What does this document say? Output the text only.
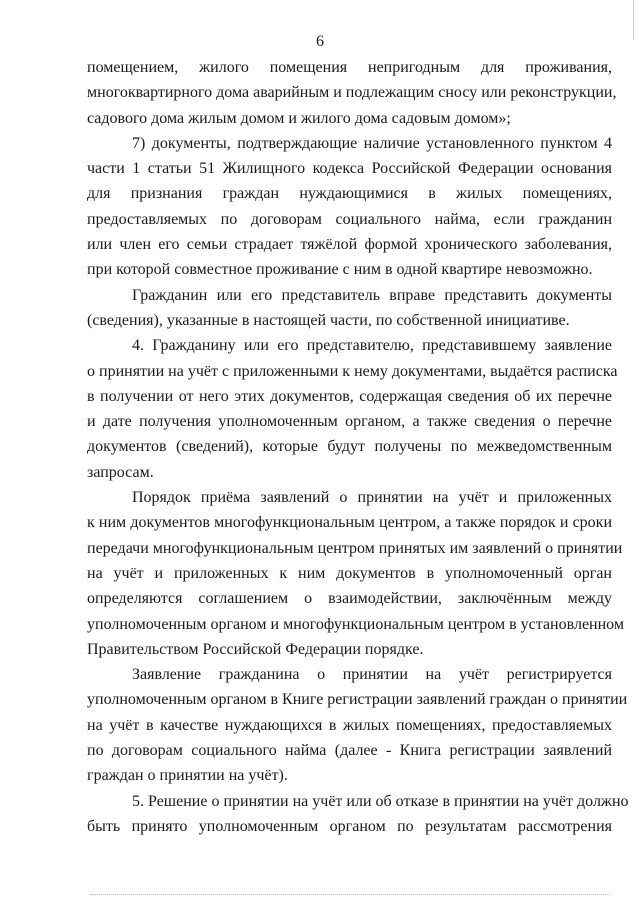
6
помещением, жилого помещения непригодным для проживания,
многоквартирного дома аварийным и подлежащим сносу или реконструкции,
садового дома жилым домом и жилого дома садовым домом»;
7) документы, подтверждающие наличие установленного пунктом 4
части 1 статьи 51 Жилищного кодекса Российской Федерации основания
для признания граждан нуждающимися в жилых помещениях,
предоставляемых по договорам социального найма, если гражданин
или член его семьи страдает тяжёлой формой хронического заболевания,
при которой совместное проживание с ним в одной квартире невозможно.
Гражданин или его представитель вправе представить документы
(сведения), указанные в настоящей части, по собственной инициативе.
4. Гражданину или его представителю, представившему заявление
о принятии на учёт с приложенными к нему документами, выдаётся расписка
в получении от него этих документов, содержащая сведения об их перечне
и дате получения уполномоченным органом, а также сведения о перечне
документов (сведений), которые будут получены по межведомственным
запросам.
Порядок приёма заявлений о принятии на учёт и приложенных
к ним документов многофункциональным центром, а также порядок и сроки
передачи многофункциональным центром принятых им заявлений о принятии
на учёт и приложенных к ним документов в уполномоченный орган
определяются соглашением о взаимодействии, заключённым между
уполномоченным органом и многофункциональным центром в установленном
Правительством Российской Федерации порядке.
Заявление гражданина о принятии на учёт регистрируется
уполномоченным органом в Книге регистрации заявлений граждан о принятии
на учёт в качестве нуждающихся в жилых помещениях, предоставляемых
по договорам социального найма (далее - Книга регистрации заявлений
граждан о принятии на учёт).
5. Решение о принятии на учёт или об отказе в принятии на учёт должно
быть принято уполномоченным органом по результатам рассмотрения
